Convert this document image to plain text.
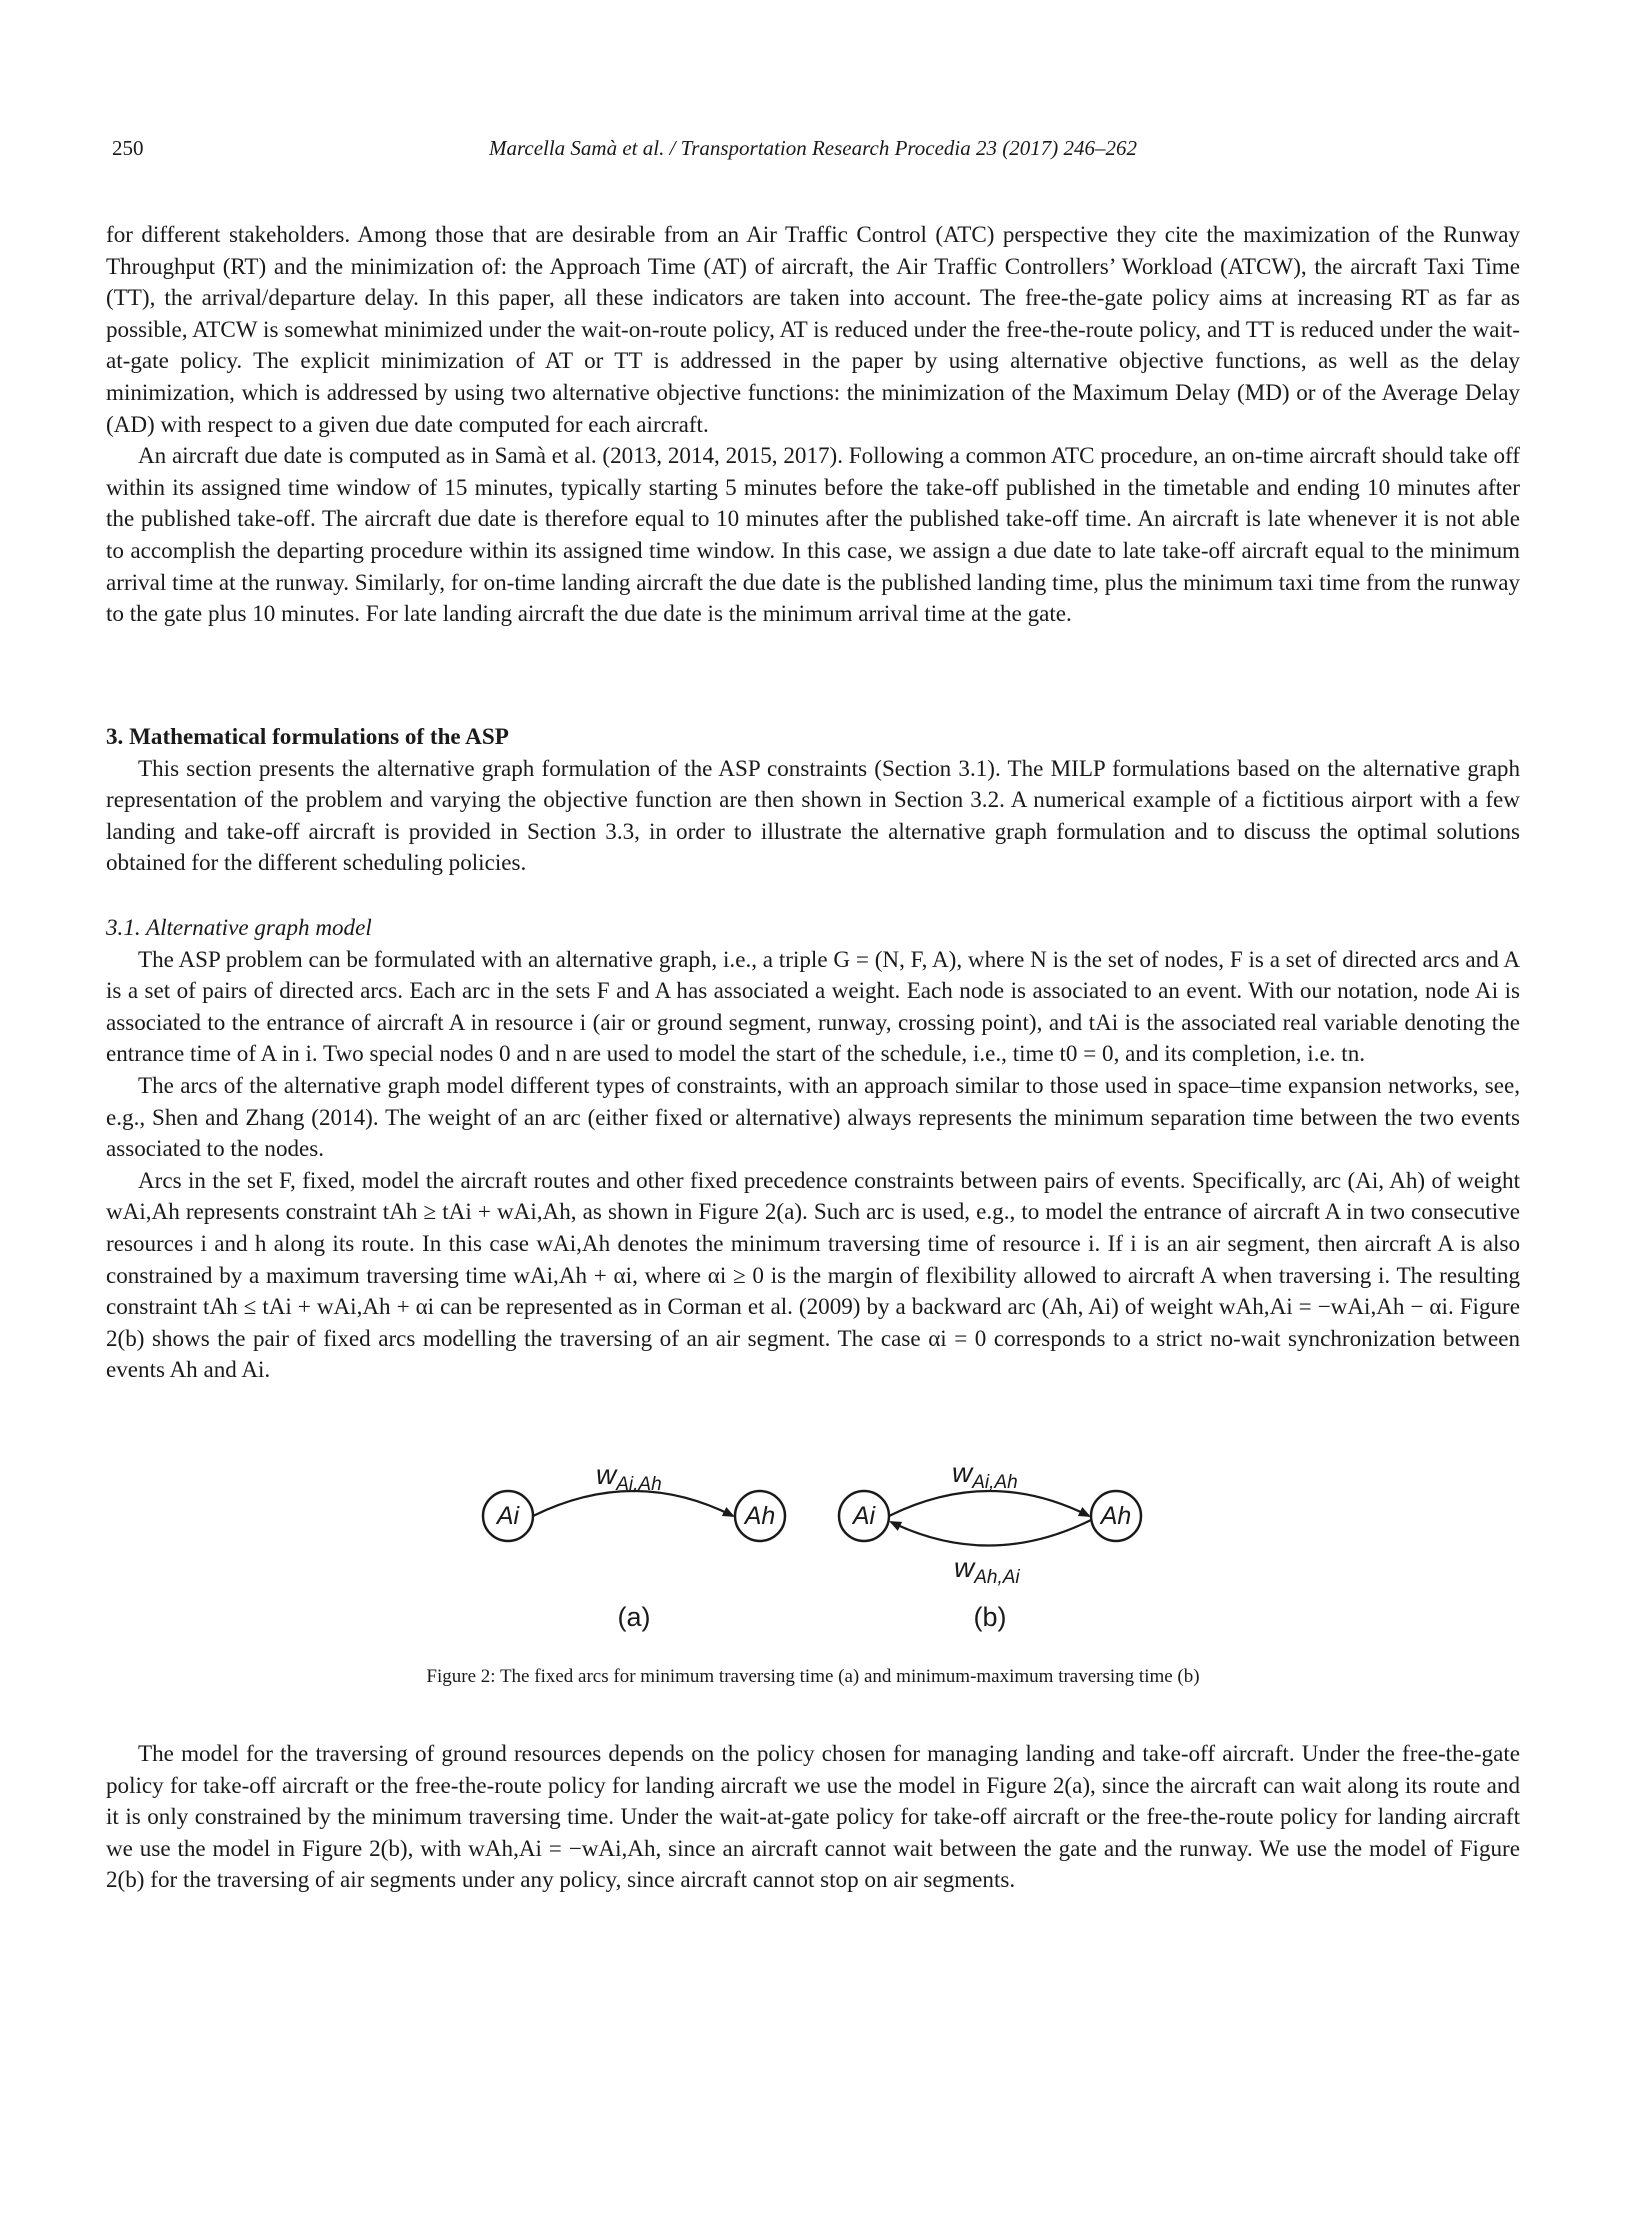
250	Marcella Samà et al. / Transportation Research Procedia 23 (2017) 246–262

for different stakeholders. Among those that are desirable from an Air Traffic Control (ATC) perspective they cite the maximization of the Runway Throughput (RT) and the minimization of: the Approach Time (AT) of aircraft, the Air Traffic Controllers’ Workload (ATCW), the aircraft Taxi Time (TT), the arrival/departure delay. In this paper, all these indicators are taken into account. The free-the-gate policy aims at increasing RT as far as possible, ATCW is somewhat minimized under the wait-on-route policy, AT is reduced under the free-the-route policy, and TT is reduced under the wait-at-gate policy. The explicit minimization of AT or TT is addressed in the paper by using alternative objective functions, as well as the delay minimization, which is addressed by using two alternative objective functions: the minimization of the Maximum Delay (MD) or of the Average Delay (AD) with respect to a given due date computed for each aircraft.

An aircraft due date is computed as in Samà et al. (2013, 2014, 2015, 2017). Following a common ATC procedure, an on-time aircraft should take off within its assigned time window of 15 minutes, typically starting 5 minutes before the take-off published in the timetable and ending 10 minutes after the published take-off. The aircraft due date is therefore equal to 10 minutes after the published take-off time. An aircraft is late whenever it is not able to accomplish the departing procedure within its assigned time window. In this case, we assign a due date to late take-off aircraft equal to the minimum arrival time at the runway. Similarly, for on-time landing aircraft the due date is the published landing time, plus the minimum taxi time from the runway to the gate plus 10 minutes. For late landing aircraft the due date is the minimum arrival time at the gate.

3. Mathematical formulations of the ASP

This section presents the alternative graph formulation of the ASP constraints (Section 3.1). The MILP formulations based on the alternative graph representation of the problem and varying the objective function are then shown in Section 3.2. A numerical example of a fictitious airport with a few landing and take-off aircraft is provided in Section 3.3, in order to illustrate the alternative graph formulation and to discuss the optimal solutions obtained for the different scheduling policies.

3.1. Alternative graph model

The ASP problem can be formulated with an alternative graph, i.e., a triple G = (N, F, A), where N is the set of nodes, F is a set of directed arcs and A is a set of pairs of directed arcs. Each arc in the sets F and A has associated a weight. Each node is associated to an event. With our notation, node Ai is associated to the entrance of aircraft A in resource i (air or ground segment, runway, crossing point), and tAi is the associated real variable denoting the entrance time of A in i. Two special nodes 0 and n are used to model the start of the schedule, i.e., time t0 = 0, and its completion, i.e. tn.

The arcs of the alternative graph model different types of constraints, with an approach similar to those used in space–time expansion networks, see, e.g., Shen and Zhang (2014). The weight of an arc (either fixed or alternative) always represents the minimum separation time between the two events associated to the nodes.

Arcs in the set F, fixed, model the aircraft routes and other fixed precedence constraints between pairs of events. Specifically, arc (Ai, Ah) of weight wAi,Ah represents constraint tAh ≥ tAi + wAi,Ah, as shown in Figure 2(a). Such arc is used, e.g., to model the entrance of aircraft A in two consecutive resources i and h along its route. In this case wAi,Ah denotes the minimum traversing time of resource i. If i is an air segment, then aircraft A is also constrained by a maximum traversing time wAi,Ah + αi, where αi ≥ 0 is the margin of flexibility allowed to aircraft A when traversing i. The resulting constraint tAh ≤ tAi + wAi,Ah + αi can be represented as in Corman et al. (2009) by a backward arc (Ah, Ai) of weight wAh,Ai = −wAi,Ah − αi. Figure 2(b) shows the pair of fixed arcs modelling the traversing of an air segment. The case αi = 0 corresponds to a strict no-wait synchronization between events Ah and Ai.

Ai	Ah
$w_{Ai,Ah}$
Ai	Ah
$w_{Ai,Ah}$
$w_{Ah,Ai}$
(a)	(b)
Figure 2: The fixed arcs for minimum traversing time (a) and minimum-maximum traversing time (b)

The model for the traversing of ground resources depends on the policy chosen for managing landing and take-off aircraft. Under the free-the-gate policy for take-off aircraft or the free-the-route policy for landing aircraft we use the model in Figure 2(a), since the aircraft can wait along its route and it is only constrained by the minimum traversing time. Under the wait-at-gate policy for take-off aircraft or the free-the-route policy for landing aircraft we use the model in Figure 2(b), with wAh,Ai = −wAi,Ah, since an aircraft cannot wait between the gate and the runway. We use the model of Figure 2(b) for the traversing of air segments under any policy, since aircraft cannot stop on air segments.
